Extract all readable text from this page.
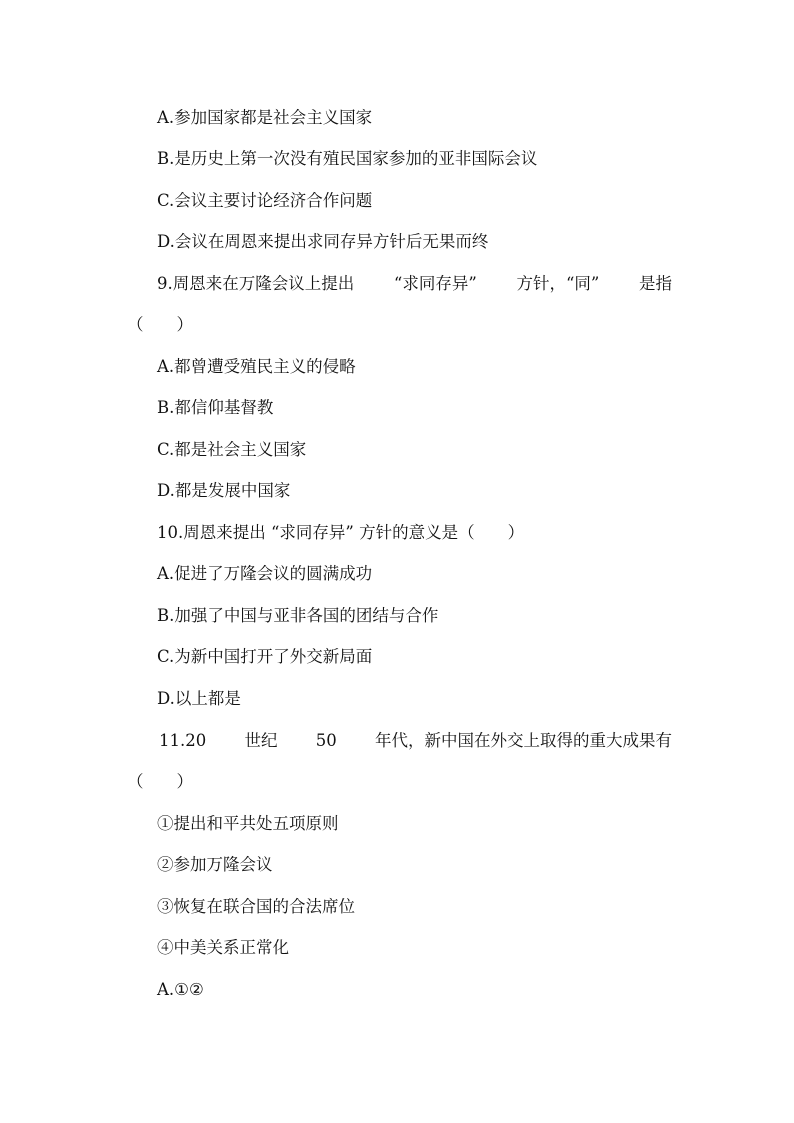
A.参加国家都是社会主义国家
B.是历史上第一次没有殖民国家参加的亚非国际会议
C.会议主要讨论经济合作问题
D.会议在周恩来提出求同存异方针后无果而终
9.周恩来在万隆会议上提出 “求同存异” 方针，“同” 是指
（　　）
A.都曾遭受殖民主义的侵略
B.都信仰基督教
C.都是社会主义国家
D.都是发展中国家
10.周恩来提出 “求同存异” 方针的意义是（　　）
A.促进了万隆会议的圆满成功
B.加强了中国与亚非各国的团结与合作
C.为新中国打开了外交新局面
D.以上都是
11.20 世纪 50 年代，新中国在外交上取得的重大成果有
（　　）
①提出和平共处五项原则
②参加万隆会议
③恢复在联合国的合法席位
④中美关系正常化
A.①②
